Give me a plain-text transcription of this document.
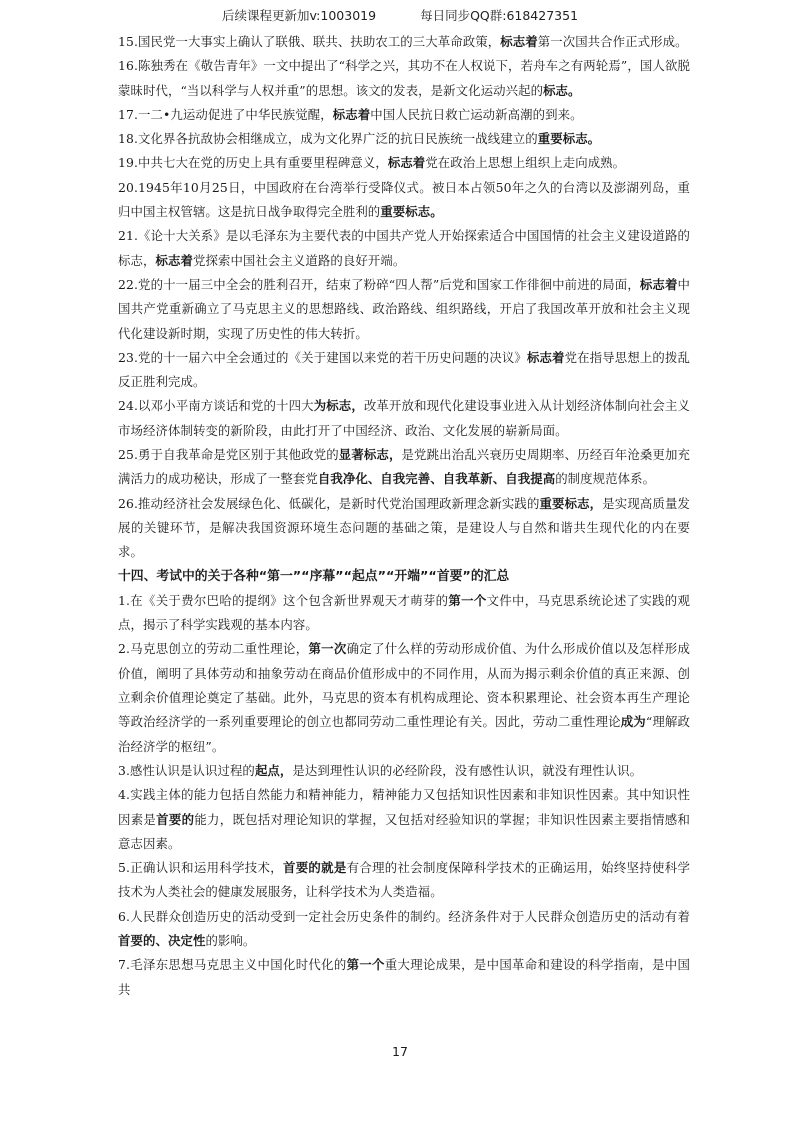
后续课程更新加v:1003019	每日同步QQ群:618427351

15.国民党一大事实上确认了联俄、联共、扶助农工的三大革命政策，标志着第一次国共合作正式形成。

16.陈独秀在《敬告青年》一文中提出了“科学之兴，其功不在人权说下，若舟车之有两轮焉”，国人欲脱蒙昧时代，“当以科学与人权并重”的思想。该文的发表，是新文化运动兴起的标志。

17.一二•九运动促进了中华民族觉醒，标志着中国人民抗日救亡运动新高潮的到来。

18.文化界各抗敌协会相继成立，成为文化界广泛的抗日民族统一战线建立的重要标志。

19.中共七大在党的历史上具有重要里程碑意义，标志着党在政治上思想上组织上走向成熟。

20.1945年10月25日，中国政府在台湾举行受降仪式。被日本占领50年之久的台湾以及澎湖列岛，重归中国主权管辖。这是抗日战争取得完全胜利的重要标志。

21.《论十大关系》是以毛泽东为主要代表的中国共产党人开始探索适合中国国情的社会主义建设道路的标志，标志着党探索中国社会主义道路的良好开端。

22.党的十一届三中全会的胜利召开，结束了粉碎“四人帮”后党和国家工作徘徊中前进的局面，标志着中国共产党重新确立了马克思主义的思想路线、政治路线、组织路线，开启了我国改革开放和社会主义现代化建设新时期，实现了历史性的伟大转折。

23.党的十一届六中全会通过的《关于建国以来党的若干历史问题的决议》标志着党在指导思想上的拨乱反正胜利完成。

24.以邓小平南方谈话和党的十四大为标志，改革开放和现代化建设事业进入从计划经济体制向社会主义市场经济体制转变的新阶段，由此打开了中国经济、政治、文化发展的崭新局面。

25.勇于自我革命是党区别于其他政党的显著标志，是党跳出治乱兴衰历史周期率、历经百年沧桑更加充满活力的成功秘诀，形成了一整套党自我净化、自我完善、自我革新、自我提高的制度规范体系。

26.推动经济社会发展绿色化、低碳化，是新时代党治国理政新理念新实践的重要标志，是实现高质量发展的关键环节，是解决我国资源环境生态问题的基础之策，是建设人与自然和谐共生现代化的内在要求。

十四、考试中的关于各种“第一”“序幕”“起点”“开端”“首要”的汇总

1.在《关于费尔巴哈的提纲》这个包含新世界观天才萌芽的第一个文件中，马克思系统论述了实践的观点，揭示了科学实践观的基本内容。

2.马克思创立的劳动二重性理论，第一次确定了什么样的劳动形成价值、为什么形成价值以及怎样形成价值，阐明了具体劳动和抽象劳动在商品价值形成中的不同作用，从而为揭示剩余价值的真正来源、创立剩余价值理论奠定了基础。此外，马克思的资本有机构成理论、资本积累理论、社会资本再生产理论等政治经济学的一系列重要理论的创立也都同劳动二重性理论有关。因此，劳动二重性理论成为“理解政治经济学的枢纽”。

3.感性认识是认识过程的起点，是达到理性认识的必经阶段，没有感性认识，就没有理性认识。

4.实践主体的能力包括自然能力和精神能力，精神能力又包括知识性因素和非知识性因素。其中知识性因素是首要的能力，既包括对理论知识的掌握，又包括对经验知识的掌握；非知识性因素主要指情感和意志因素。

5.正确认识和运用科学技术，首要的就是有合理的社会制度保障科学技术的正确运用，始终坚持使科学技术为人类社会的健康发展服务，让科学技术为人类造福。

6.人民群众创造历史的活动受到一定社会历史条件的制约。经济条件对于人民群众创造历史的活动有着首要的、决定性的影响。

7.毛泽东思想马克思主义中国化时代化的第一个重大理论成果，是中国革命和建设的科学指南，是中国共

17
